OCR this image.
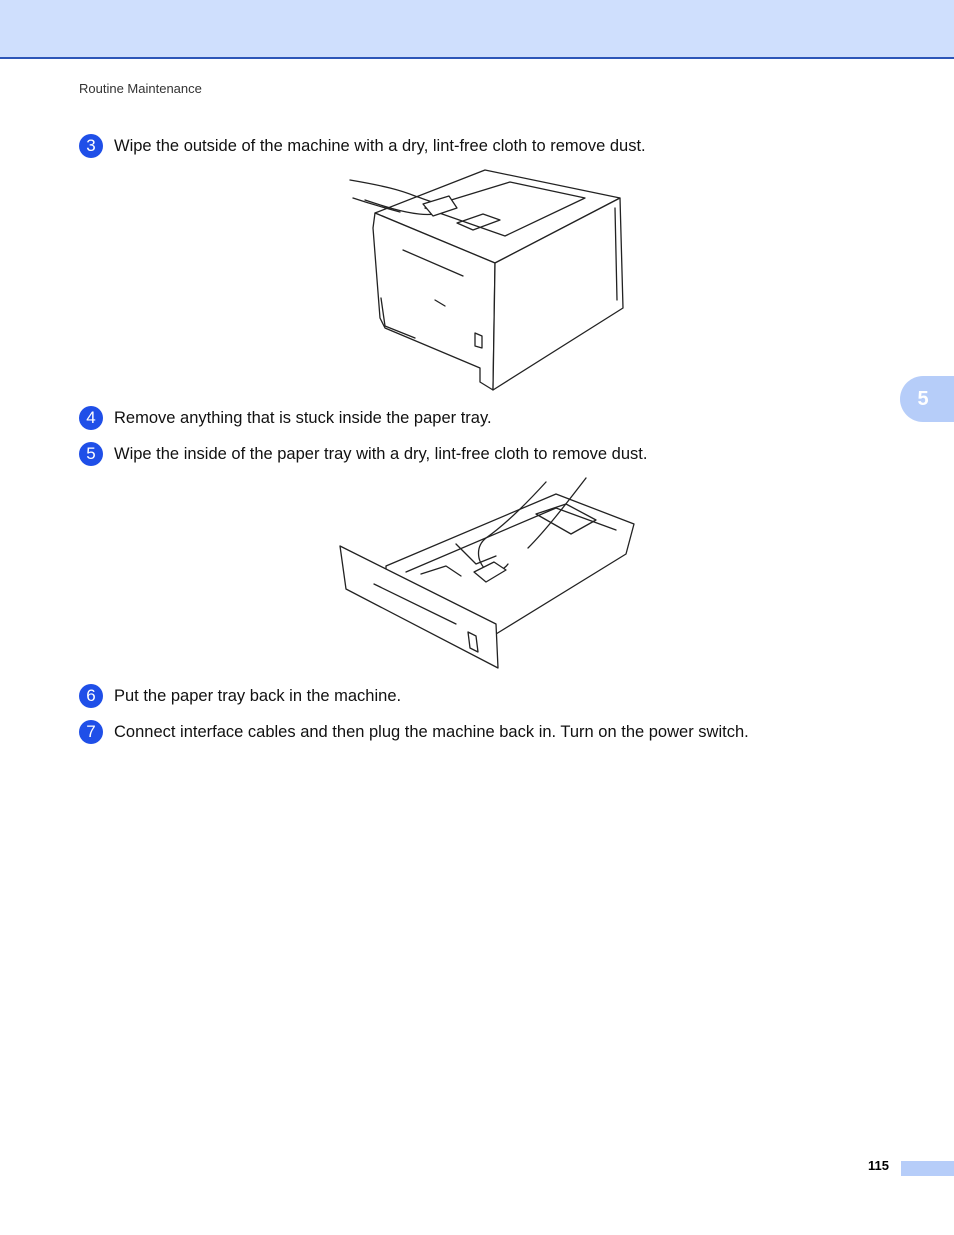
Routine Maintenance
5
3	Wipe the outside of the machine with a dry, lint-free cloth to remove dust.
4	Remove anything that is stuck inside the paper tray.
5	Wipe the inside of the paper tray with a dry, lint-free cloth to remove dust.
6	Put the paper tray back in the machine.
7	Connect interface cables and then plug the machine back in. Turn on the power switch.
115
